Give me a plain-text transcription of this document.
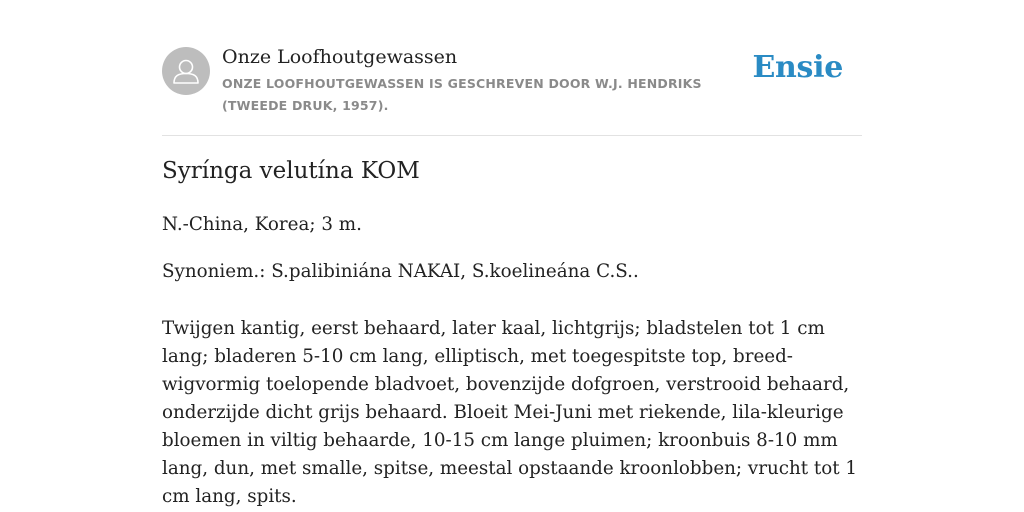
Onze Loofhoutgewassen
ONZE LOOFHOUTGEWASSEN IS GESCHREVEN DOOR W.J. HENDRIKS (TWEEDE DRUK, 1957).
Ensie
Syrínga velutína KOM

N.-China, Korea; 3 m.

Synoniem.: S.palibiniána NAKAI, S.koelineána C.S..

Twijgen kantig, eerst behaard, later kaal, lichtgrijs; bladstelen tot 1 cm lang; bladeren 5-10 cm lang, elliptisch, met toegespitste top, breed-wigvormig toelopende bladvoet, bovenzijde dofgroen, verstrooid behaard, onderzijde dicht grijs behaard. Bloeit Mei-Juni met riekende, lila-kleurige bloemen in viltig behaarde, 10-15 cm lange pluimen; kroonbuis 8-10 mm lang, dun, met smalle, spitse, meestal opstaande kroonlobben; vrucht tot 1 cm lang, spits.
